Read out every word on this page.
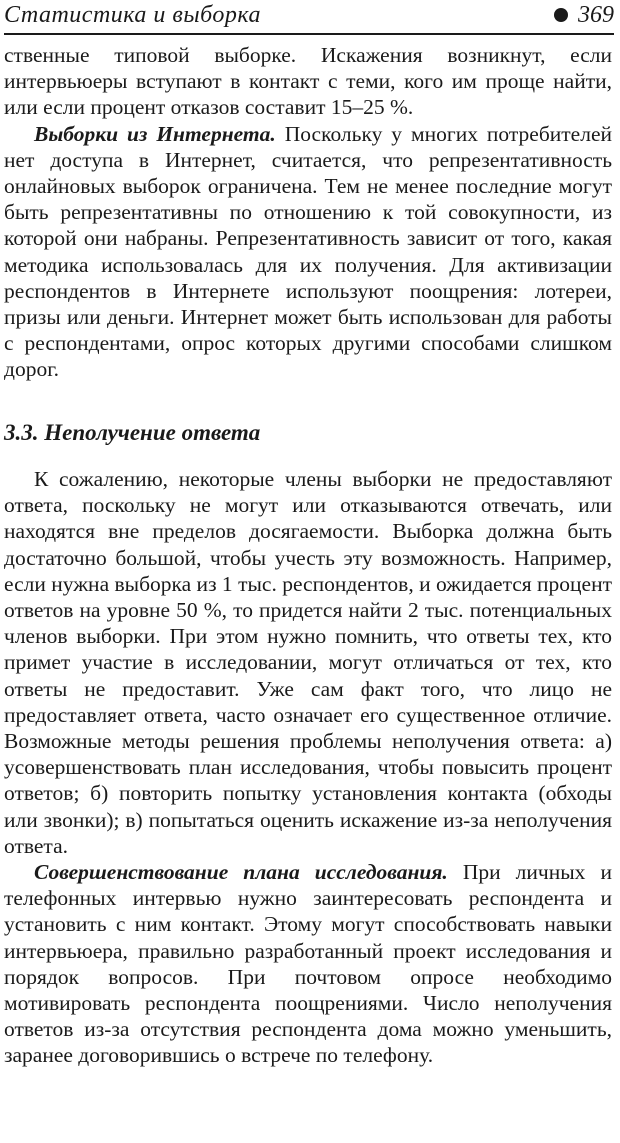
Статистика и выборка	369

ственные типовой выборке. Искажения возникнут, если интервьюеры вступают в контакт с теми, кого им проще найти, или если процент отказов составит 15–25 %.

Выборки из Интернета. Поскольку у многих потребителей нет доступа в Интернет, считается, что репрезентативность онлайновых выборок ограничена. Тем не менее последние могут быть репрезентативны по отношению к той совокупности, из которой они набраны. Репрезентативность зависит от того, какая методика использовалась для их получения. Для активизации респондентов в Интернете используют поощрения: лотереи, призы или деньги. Интернет может быть использован для работы с респондентами, опрос которых другими способами слишком дорог.

3.3. Неполучение ответа

К сожалению, некоторые члены выборки не предоставляют ответа, поскольку не могут или отказываются отвечать, или находятся вне пределов досягаемости. Выборка должна быть достаточно большой, чтобы учесть эту возможность. Например, если нужна выборка из 1 тыс. респондентов, и ожидается процент ответов на уровне 50 %, то придется найти 2 тыс. потенциальных членов выборки. При этом нужно помнить, что ответы тех, кто примет участие в исследовании, могут отличаться от тех, кто ответы не предоставит. Уже сам факт того, что лицо не предоставляет ответа, часто означает его существенное отличие. Возможные методы решения проблемы неполучения ответа: а) усовершенствовать план исследования, чтобы повысить процент ответов; б) повторить попытку установления контакта (обходы или звонки); в) попытаться оценить искажение из-за неполучения ответа.

Совершенствование плана исследования. При личных и телефонных интервью нужно заинтересовать респондента и установить с ним контакт. Этому могут способствовать навыки интервьюера, правильно разработанный проект исследования и порядок вопросов. При почтовом опросе необходимо мотивировать респондента поощрениями. Число неполучения ответов из-за отсутствия респондента дома можно уменьшить, заранее договорившись о встрече по телефону.
